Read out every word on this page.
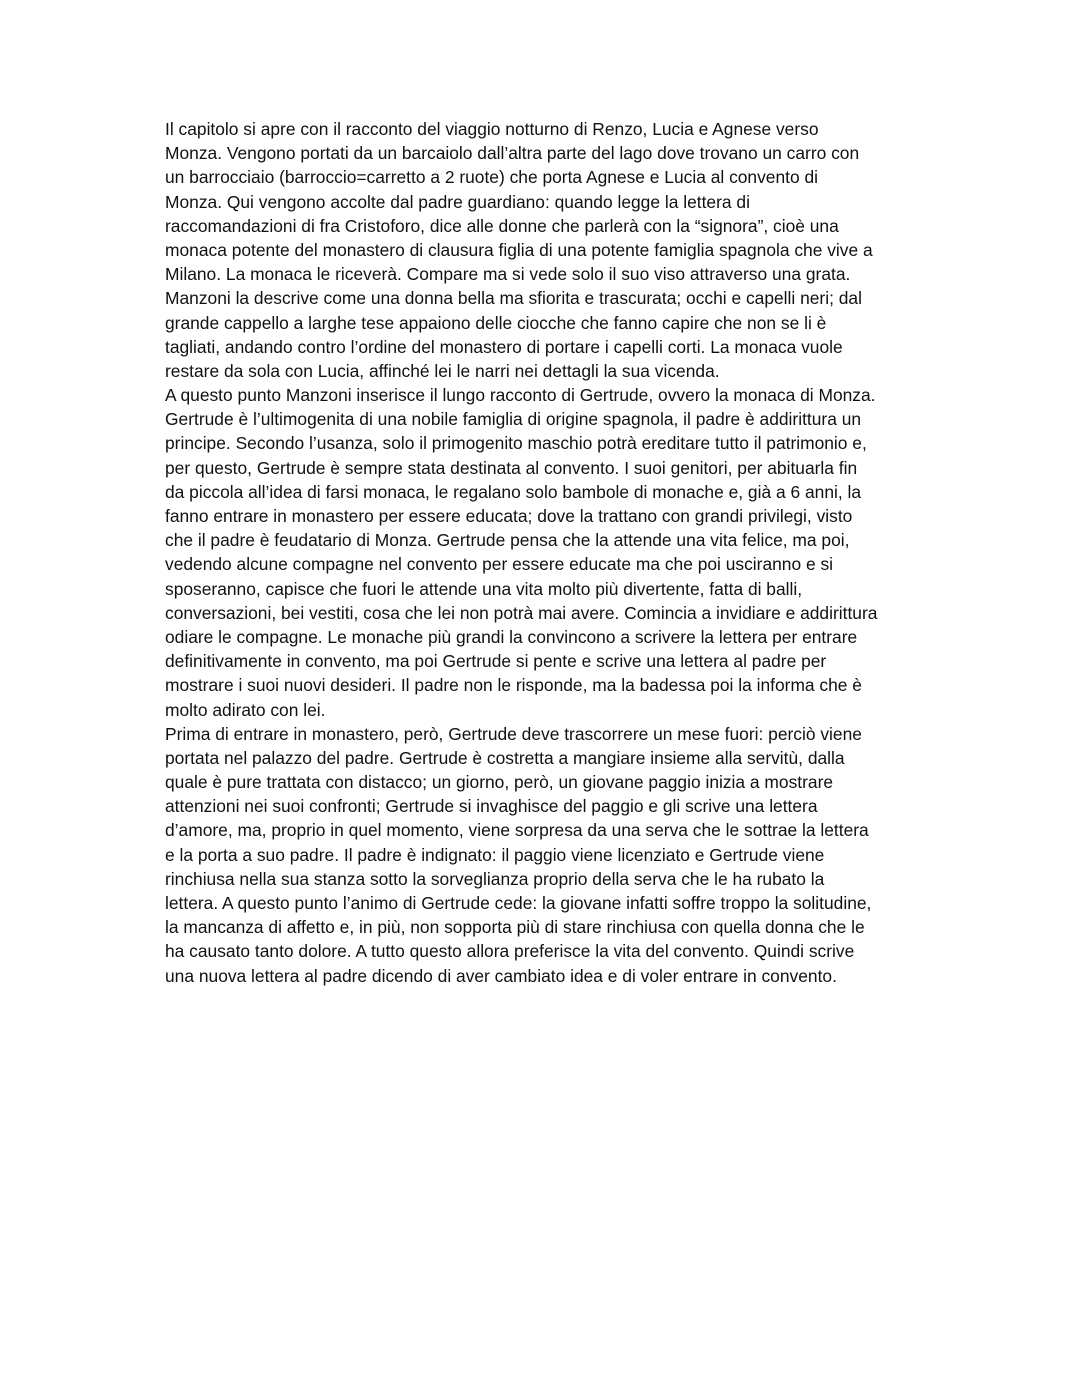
Il capitolo si apre con il racconto del viaggio notturno di Renzo, Lucia e Agnese verso
Monza. Vengono portati da un barcaiolo dall’altra parte del lago dove trovano un carro con
un barrocciaio (barroccio=carretto a 2 ruote) che porta Agnese e Lucia al convento di
Monza. Qui vengono accolte dal padre guardiano: quando legge la lettera di
raccomandazioni di fra Cristoforo, dice alle donne che parlerà con la “signora”, cioè una
monaca potente del monastero di clausura figlia di una potente famiglia spagnola che vive a
Milano. La monaca le riceverà. Compare ma si vede solo il suo viso attraverso una grata.
Manzoni la descrive come una donna bella ma sfiorita e trascurata; occhi e capelli neri; dal
grande cappello a larghe tese appaiono delle ciocche che fanno capire che non se li è
tagliati, andando contro l’ordine del monastero di portare i capelli corti. La monaca vuole
restare da sola con Lucia, affinché lei le narri nei dettagli la sua vicenda.
A questo punto Manzoni inserisce il lungo racconto di Gertrude, ovvero la monaca di Monza.
Gertrude è l’ultimogenita di una nobile famiglia di origine spagnola, il padre è addirittura un
principe. Secondo l’usanza, solo il primogenito maschio potrà ereditare tutto il patrimonio e,
per questo, Gertrude è sempre stata destinata al convento. I suoi genitori, per abituarla fin
da piccola all’idea di farsi monaca, le regalano solo bambole di monache e, già a 6 anni, la
fanno entrare in monastero per essere educata; dove la trattano con grandi privilegi, visto
che il padre è feudatario di Monza. Gertrude pensa che la attende una vita felice, ma poi,
vedendo alcune compagne nel convento per essere educate ma che poi usciranno e si
sposeranno, capisce che fuori le attende una vita molto più divertente, fatta di balli,
conversazioni, bei vestiti, cosa che lei non potrà mai avere. Comincia a invidiare e addirittura
odiare le compagne. Le monache più grandi la convincono a scrivere la lettera per entrare
definitivamente in convento, ma poi Gertrude si pente e scrive una lettera al padre per
mostrare i suoi nuovi desideri. Il padre non le risponde, ma la badessa poi la informa che è
molto adirato con lei.
Prima di entrare in monastero, però, Gertrude deve trascorrere un mese fuori: perciò viene
portata nel palazzo del padre. Gertrude è costretta a mangiare insieme alla servitù, dalla
quale è pure trattata con distacco; un giorno, però, un giovane paggio inizia a mostrare
attenzioni nei suoi confronti; Gertrude si invaghisce del paggio e gli scrive una lettera
d’amore, ma, proprio in quel momento, viene sorpresa da una serva che le sottrae la lettera
e la porta a suo padre. Il padre è indignato: il paggio viene licenziato e Gertrude viene
rinchiusa nella sua stanza sotto la sorveglianza proprio della serva che le ha rubato la
lettera. A questo punto l’animo di Gertrude cede: la giovane infatti soffre troppo la solitudine,
la mancanza di affetto e, in più, non sopporta più di stare rinchiusa con quella donna che le
ha causato tanto dolore. A tutto questo allora preferisce la vita del convento. Quindi scrive
una nuova lettera al padre dicendo di aver cambiato idea e di voler entrare in convento.
